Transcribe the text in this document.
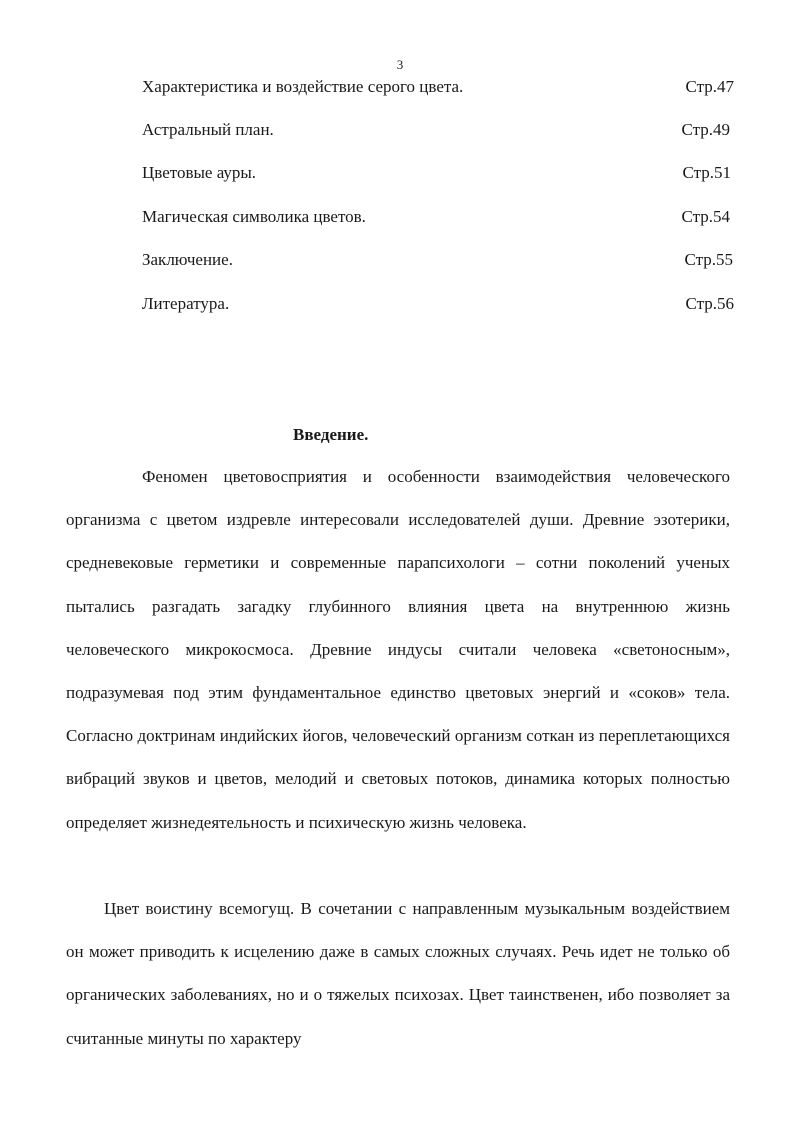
3
Характеристика и воздействие серого цвета.	Стр.47
Астральный план.	Стр.49
Цветовые ауры.	Стр.51
Магическая символика цветов.	Стр.54
Заключение.	Стр.55
Литература.	Стр.56
Введение.

Феномен цветовосприятия и особенности взаимодействия человеческого организма с цветом издревле интересовали исследователей души. Древние эзотерики, средневековые герметики и современные парапсихологи – сотни поколений ученых пытались разгадать загадку глубинного влияния цвета на внутреннюю жизнь человеческого микрокосмоса. Древние индусы считали человека «светоносным», подразумевая под этим фундаментальное единство цветовых энергий и «соков» тела. Согласно доктринам индийских йогов, человеческий организм соткан из переплетающихся вибраций звуков и цветов, мелодий и световых потоков, динамика которых полностью определяет жизнедеятельность и психическую жизнь человека.

Цвет воистину всемогущ. В сочетании с направленным музыкальным воздействием он может приводить к исцелению даже в самых сложных случаях. Речь идет не только об органических заболеваниях, но и о тяжелых психозах. Цвет таинственен, ибо позволяет за считанные минуты по характеру
